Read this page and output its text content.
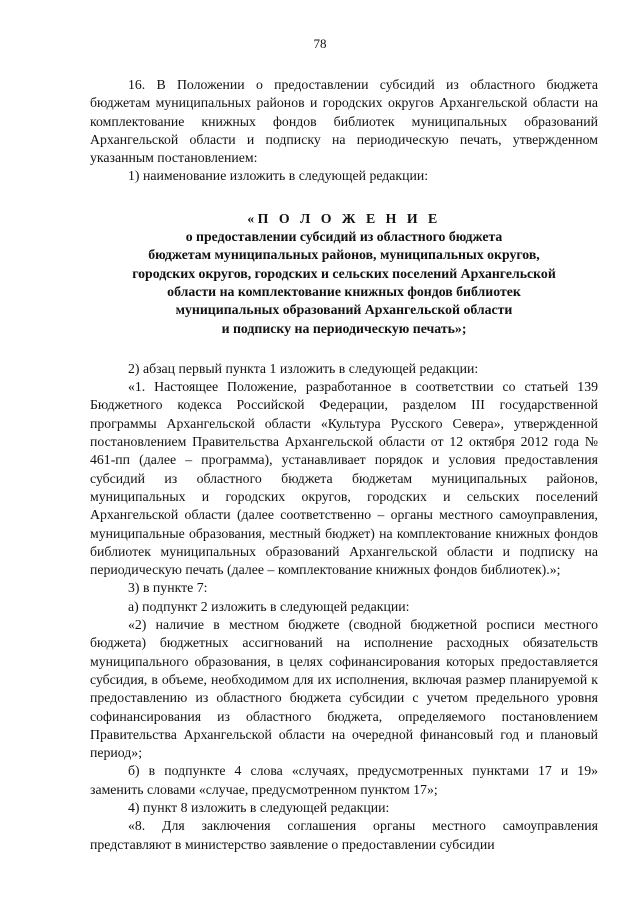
78

16. В Положении о предоставлении субсидий из областного бюджета бюджетам муниципальных районов и городских округов Архангельской области на комплектование книжных фондов библиотек муниципальных образований Архангельской области и подписку на периодическую печать, утвержденном указанным постановлением:

1) наименование изложить в следующей редакции:

«П О Л О Ж Е Н И Е
о предоставлении субсидий из областного бюджета
бюджетам муниципальных районов, муниципальных округов,
городских округов, городских и сельских поселений Архангельской
области на комплектование книжных фондов библиотек
муниципальных образований Архангельской области
и подписку на периодическую печать»;

2) абзац первый пункта 1 изложить в следующей редакции:

«1. Настоящее Положение, разработанное в соответствии со статьей 139 Бюджетного кодекса Российской Федерации, разделом III государственной программы Архангельской области «Культура Русского Севера», утвержденной постановлением Правительства Архангельской области от 12 октября 2012 года № 461-пп (далее – программа), устанавливает порядок и условия предоставления субсидий из областного бюджета бюджетам муниципальных районов, муниципальных и городских округов, городских и сельских поселений Архангельской области (далее соответственно – органы местного самоуправления, муниципальные образования, местный бюджет) на комплектование книжных фондов библиотек муниципальных образований Архангельской области и подписку на периодическую печать (далее – комплектование книжных фондов библиотек).»;

3) в пункте 7:

а) подпункт 2 изложить в следующей редакции:

«2) наличие в местном бюджете (сводной бюджетной росписи местного бюджета) бюджетных ассигнований на исполнение расходных обязательств муниципального образования, в целях софинансирования которых предоставляется субсидия, в объеме, необходимом для их исполнения, включая размер планируемой к предоставлению из областного бюджета субсидии с учетом предельного уровня софинансирования из областного бюджета, определяемого постановлением Правительства Архангельской области на очередной финансовый год и плановый период»;

б) в подпункте 4 слова «случаях, предусмотренных пунктами 17 и 19» заменить словами «случае, предусмотренном пунктом 17»;

4) пункт 8 изложить в следующей редакции:

«8. Для заключения соглашения органы местного самоуправления представляют в министерство заявление о предоставлении субсидии
